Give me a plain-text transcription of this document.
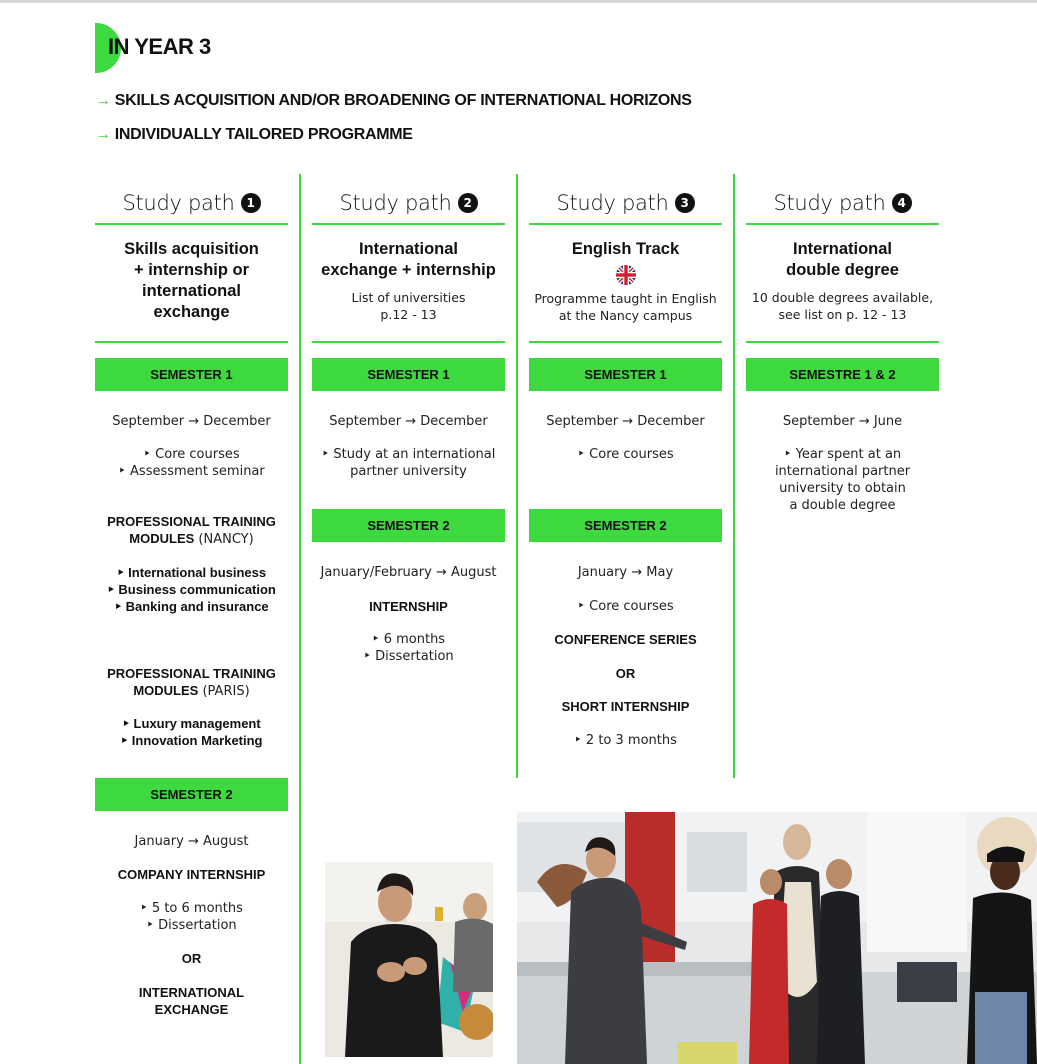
IN YEAR 3
→ SKILLS ACQUISITION AND/OR BROADENING OF INTERNATIONAL HORIZONS
→ INDIVIDUALLY TAILORED PROGRAMME
Study path 1
Skills acquisition
+ internship or
international
exchange
SEMESTER 1
September → December
‣ Core courses
‣ Assessment seminar
PROFESSIONAL TRAINING
MODULES (NANCY)
‣ International business
‣ Business communication
‣ Banking and insurance
PROFESSIONAL TRAINING
MODULES (PARIS)
‣ Luxury management
‣ Innovation Marketing
SEMESTER 2
January → August
COMPANY INTERNSHIP
‣ 5 to 6 months
‣ Dissertation
OR
INTERNATIONAL
EXCHANGE
Study path 2
International
exchange + internship
List of universities
p.12 - 13
SEMESTER 1
September → December
‣ Study at an international
partner university
SEMESTER 2
January/February → August
INTERNSHIP
‣ 6 months
‣ Dissertation
Study path 3
English Track
Programme taught in English
at the Nancy campus
SEMESTER 1
September → December
‣ Core courses
SEMESTER 2
January → May
‣ Core courses
CONFERENCE SERIES
OR
SHORT INTERNSHIP
‣ 2 to 3 months
Study path 4
International
double degree
10 double degrees available,
see list on p. 12 - 13
SEMESTRE 1 & 2
September → June
‣ Year spent at an
international partner
university to obtain
a double degree
